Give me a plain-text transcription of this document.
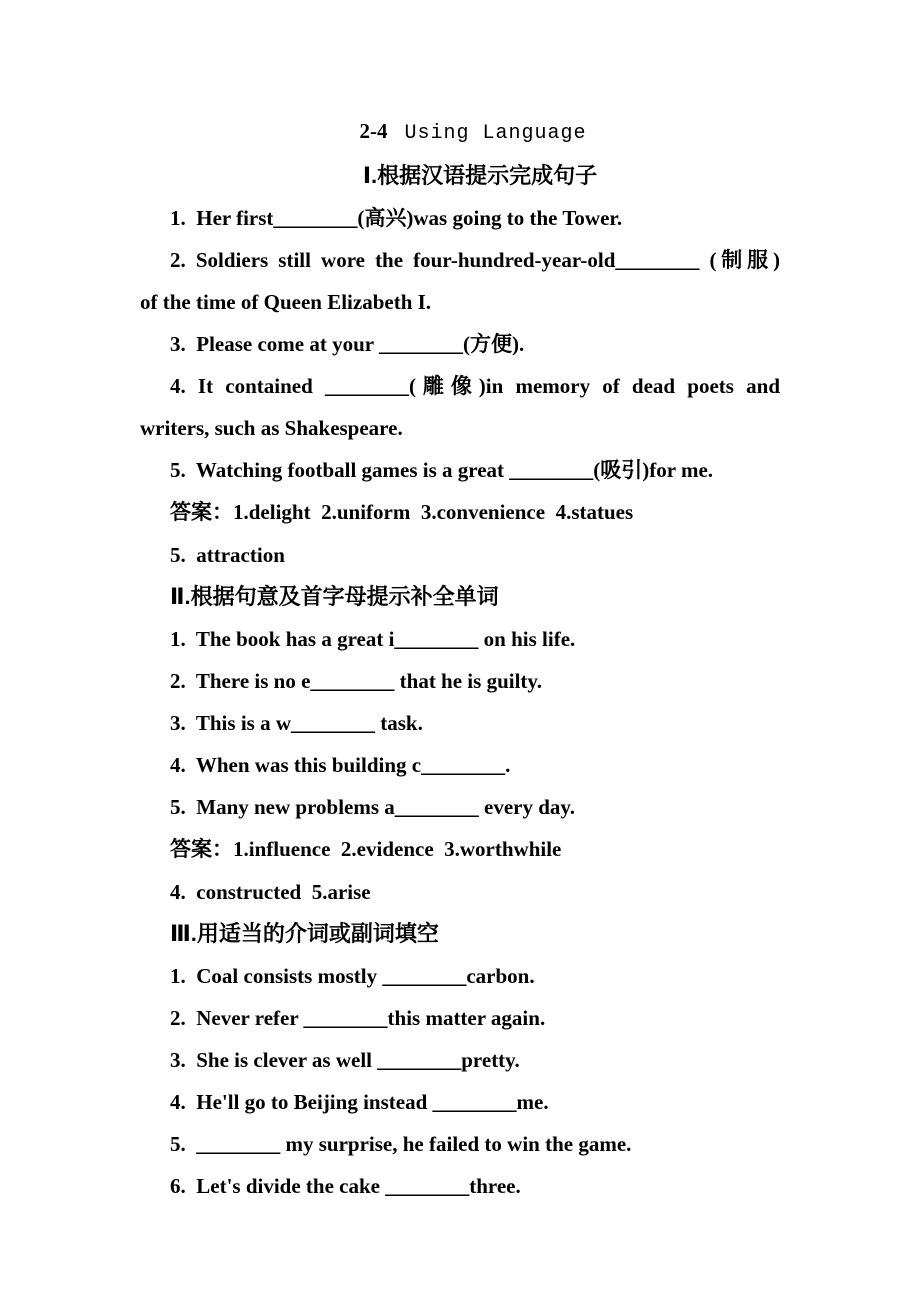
2-4 Using Language

Ⅰ.根据汉语提示完成句子

1.  Her first________(高兴)was going to the Tower.

2. Soldiers still wore the four-hundred-year-old________ (制服)

of the time of Queen Elizabeth I.

3.  Please come at your ________(方便).

4. It contained ________(雕像)in memory of dead poets and

writers, such as Shakespeare.

5.  Watching football games is a great ________(吸引)for me.

答案：1.delight  2.uniform  3.convenience  4.statues

5.  attraction

Ⅱ.根据句意及首字母提示补全单词

1.  The book has a great i________ on his life.

2.  There is no e________ that he is guilty.

3.  This is a w________ task.

4.  When was this building c________.

5.  Many new problems a________ every day.

答案：1.influence  2.evidence  3.worthwhile

4.  constructed  5.arise

Ⅲ.用适当的介词或副词填空

1.  Coal consists mostly ________carbon.

2.  Never refer ________this matter again.

3.  She is clever as well ________pretty.

4.  He'll go to Beijing instead ________me.

5.  ________ my surprise, he failed to win the game.

6.  Let's divide the cake ________three.
